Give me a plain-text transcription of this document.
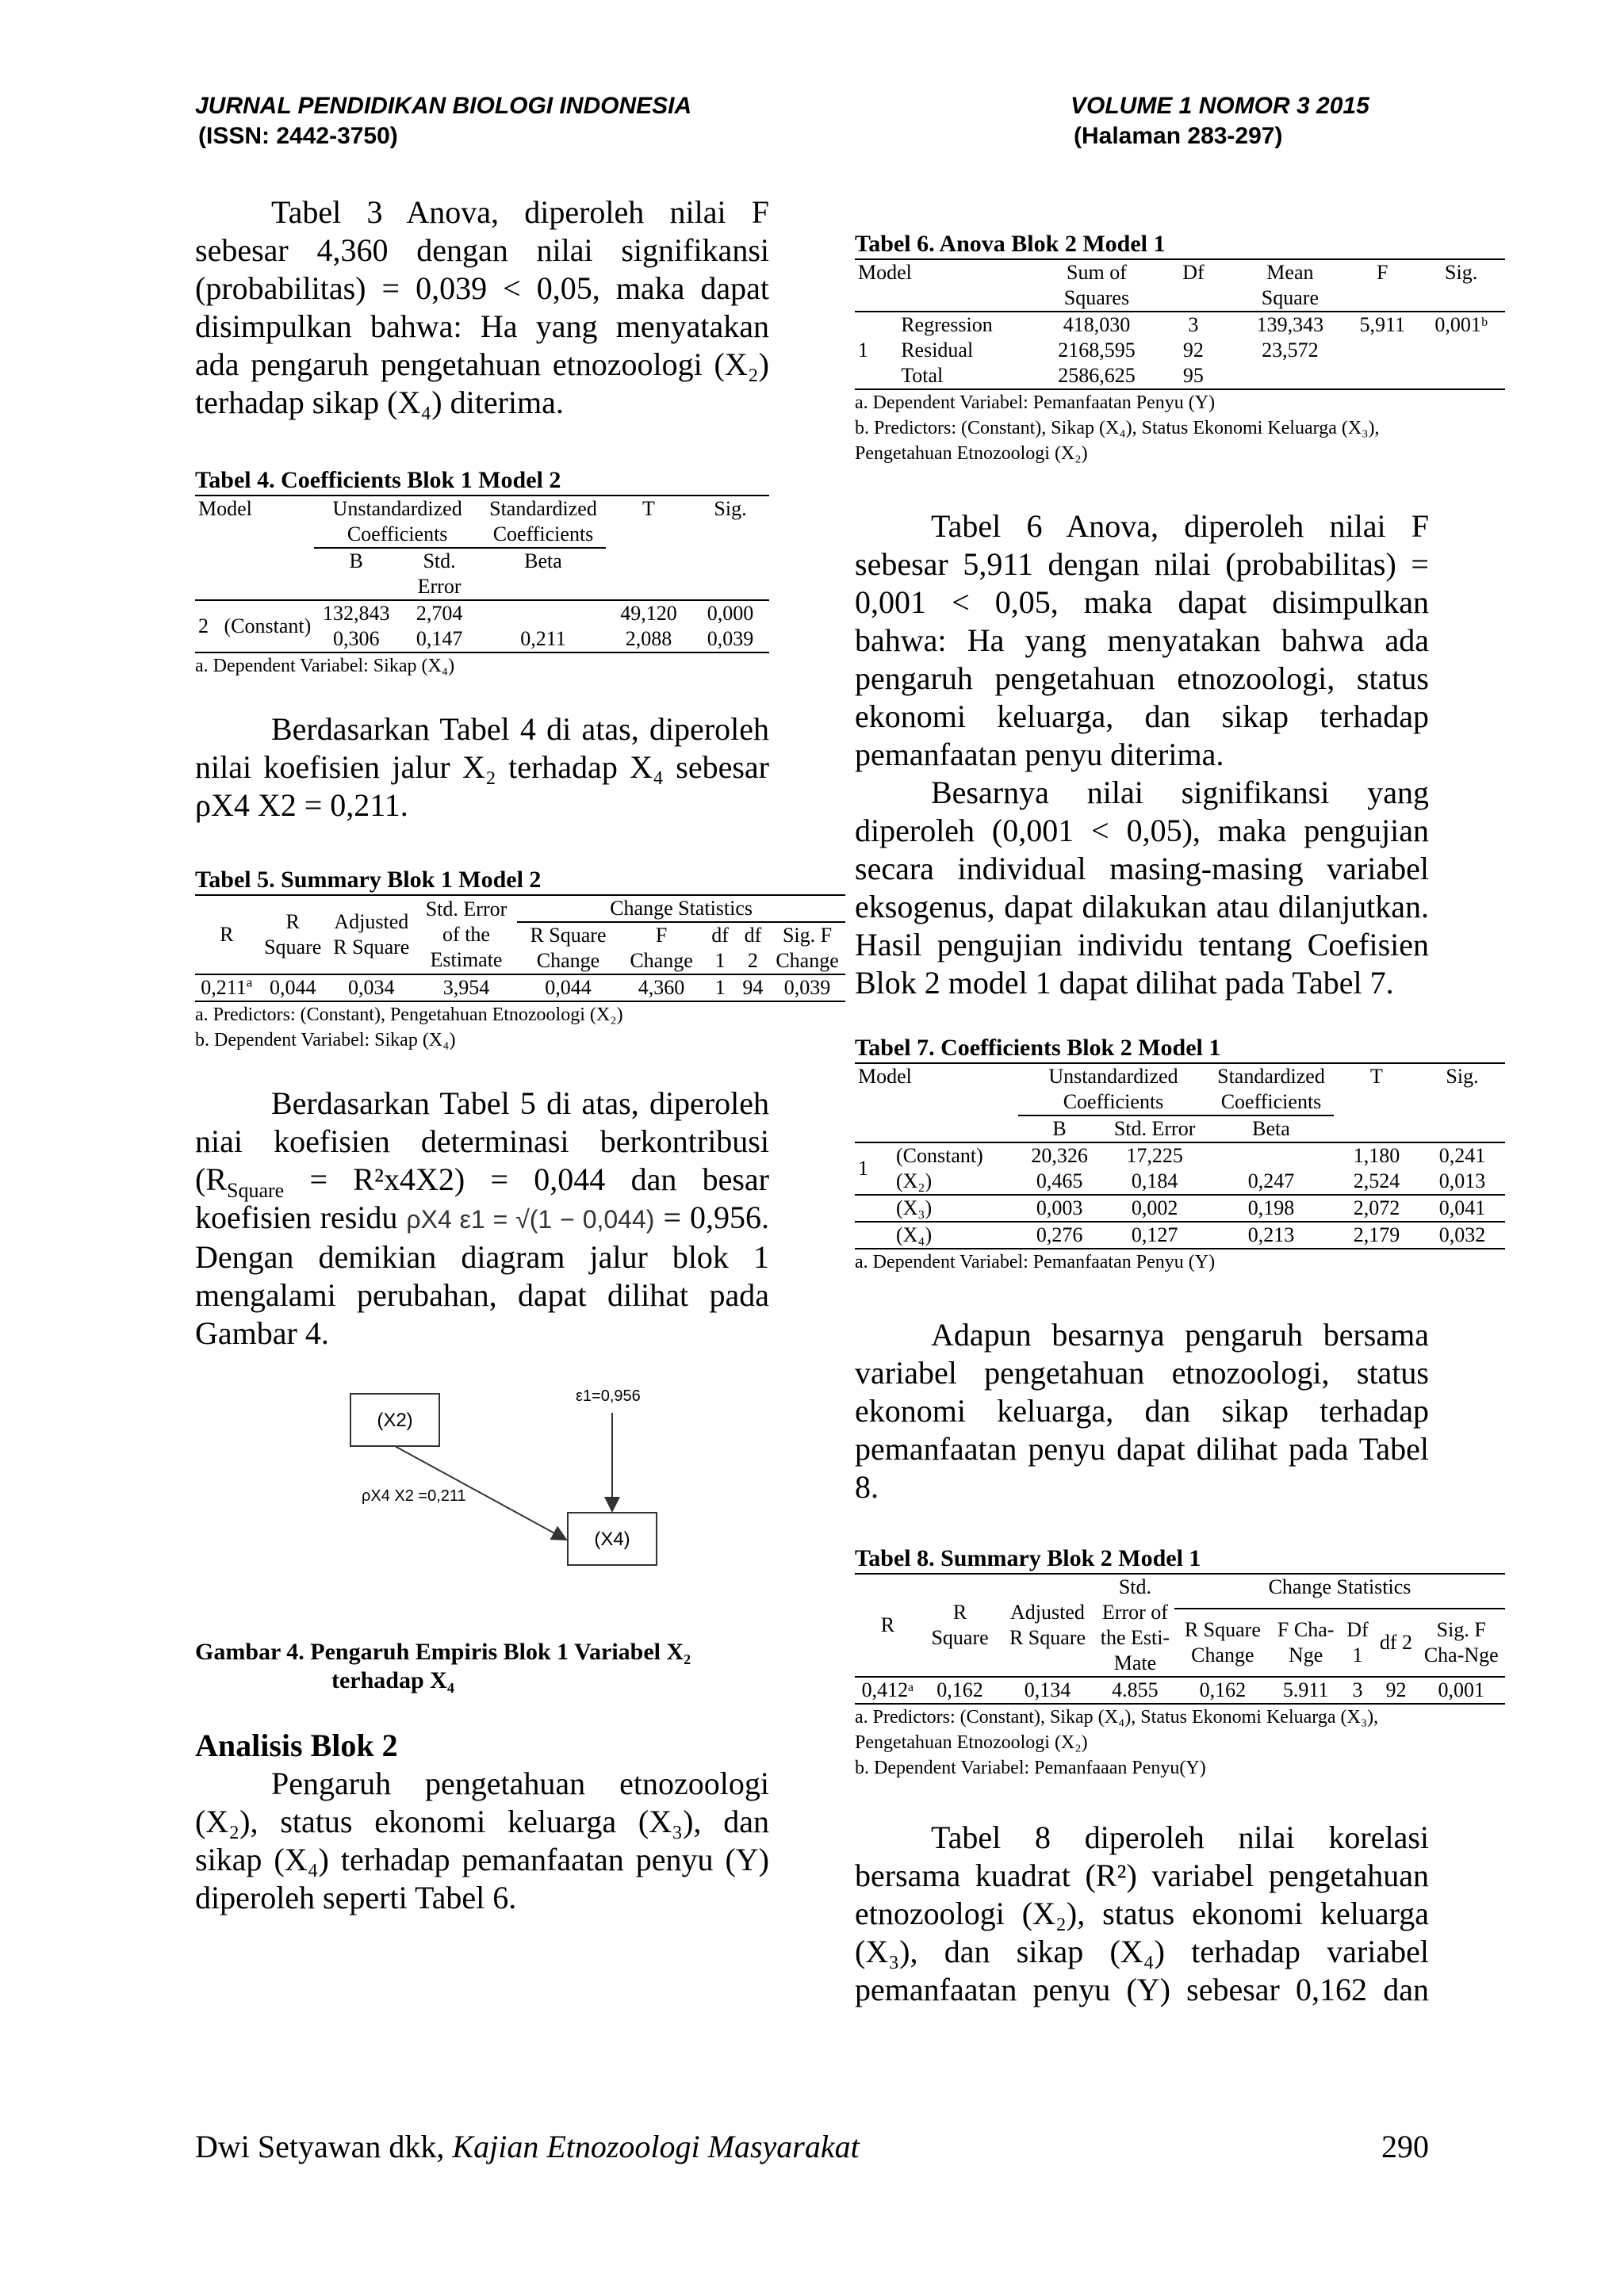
JURNAL PENDIDIKAN BIOLOGI INDONESIA
(ISSN: 2442-3750)
VOLUME 1 NOMOR 3 2015
(Halaman 283-297)

Tabel 3 Anova, diperoleh nilai F sebesar 4,360 dengan nilai signifikansi (probabilitas) = 0,039 < 0,05, maka dapat disimpulkan bahwa: Ha yang menyatakan ada pengaruh pengetahuan etnozoologi (X₂) terhadap sikap (X₄) diterima.

Tabel 4. Coefficients Blok 1 Model 2

Model	Unstandardized Coefficients		Standardized Coefficients	T	Sig.
	B	Std. Error	Beta		
2 (Constant)	132,843	2,704		49,120	0,000
	0,306	0,147	0,211	2,088	0,039
a. Dependent Variabel: Sikap (X₄)

Berdasarkan Tabel 4 di atas, diperoleh nilai koefisien jalur X₂ terhadap X₄ sebesar ρX4 X2 = 0,211.

Tabel 5. Summary Blok 1 Model 2

R	R Square	Adjusted R Square	Std. Error of the Estimate	Change Statistics				
				R Square Change	F Change	df 1	df 2	Sig. F Change
0,211$^a$	0,044	0,034	3,954	0,044	4,360	1	94	0,039
a. Predictors: (Constant), Pengetahuan Etnozoologi (X₂)
b. Dependent Variabel: Sikap (X₄)

Berdasarkan Tabel 5 di atas, diperoleh niai koefisien determinasi berkontribusi $(R_{Square} = R^2x4X2) = 0,044$ dan besar koefisien residu ρX4 ε1 = √(1 − 0,044) = 0,956. Dengan demikian diagram jalur blok 1 mengalami perubahan, dapat dilihat pada Gambar 4.

(X2)
(X4)
ε1=0,956
ρX4 X2 =0,211

Gambar 4. Pengaruh Empiris Blok 1 Variabel X₂

terhadap X₄

Analisis Blok 2

Pengaruh pengetahuan etnozoologi (X₂), status ekonomi keluarga (X₃), dan sikap (X₄) terhadap pemanfaatan penyu (Y) diperoleh seperti Tabel 6.

Tabel 6. Anova Blok 2 Model 1

Model		Sum of Squares	Df	Mean Square	F	Sig.
1	Regression	418,030	3	139,343	5,911	0,001ᵇ
	Residual	2168,595	92	23,572		
	Total	2586,625	95			
a. Dependent Variabel: Pemanfaatan Penyu (Y)
b. Predictors: (Constant), Sikap (X₄), Status Ekonomi Keluarga (X₃), Pengetahuan Etnozoologi (X₂)

Tabel 6 Anova, diperoleh nilai F sebesar 5,911 dengan nilai (probabilitas) = 0,001 < 0,05, maka dapat disimpulkan bahwa: Ha yang menyatakan bahwa ada pengaruh pengetahuan etnozoologi, status ekonomi keluarga, dan sikap terhadap pemanfaatan penyu diterima.

Besarnya nilai signifikansi yang diperoleh (0,001 < 0,05), maka pengujian secara individual masing-masing variabel eksogenus, dapat dilakukan atau dilanjutkan. Hasil pengujian individu tentang Coefisien Blok 2 model 1 dapat dilihat pada Tabel 7.

Tabel 7. Coefficients Blok 2 Model 1

Model		Unstandardized Coefficients		Standardized Coefficients	T	Sig.
		B	Std. Error	Beta		
1	(Constant)	20,326	17,225		1,180	0,241
	(X₂)	0,465	0,184	0,247	2,524	0,013
	(X₃)	0,003	0,002	0,198	2,072	0,041
	(X₄)	0,276	0,127	0,213	2,179	0,032
a. Dependent Variabel: Pemanfaatan Penyu (Y)

Adapun besarnya pengaruh bersama variabel pengetahuan etnozoologi, status ekonomi keluarga, dan sikap terhadap pemanfaatan penyu dapat dilihat pada Tabel 8.

Tabel 8. Summary Blok 2 Model 1

R	R Square	Adjusted R Square	Std. Error of the Esti-Mate	Change Statistics				
				R Square Change	F Cha-Nge	Df 1	df 2	Sig. F Cha-Nge
0,412ᵃ	0,162	0,134	4.855	0,162	5.911	3	92	0,001
a. Predictors: (Constant), Sikap (X₄), Status Ekonomi Keluarga (X₃), Pengetahuan Etnozoologi (X₂)
b. Dependent Variabel: Pemanfaaan Penyu(Y)

Tabel 8 diperoleh nilai korelasi bersama kuadrat (R²) variabel pengetahuan etnozoologi (X₂), status ekonomi keluarga (X₃), dan sikap (X₄) terhadap variabel pemanfaatan penyu (Y) sebesar 0,162 dan

Dwi Setyawan dkk, Kajian Etnozoologi Masyarakat	290
